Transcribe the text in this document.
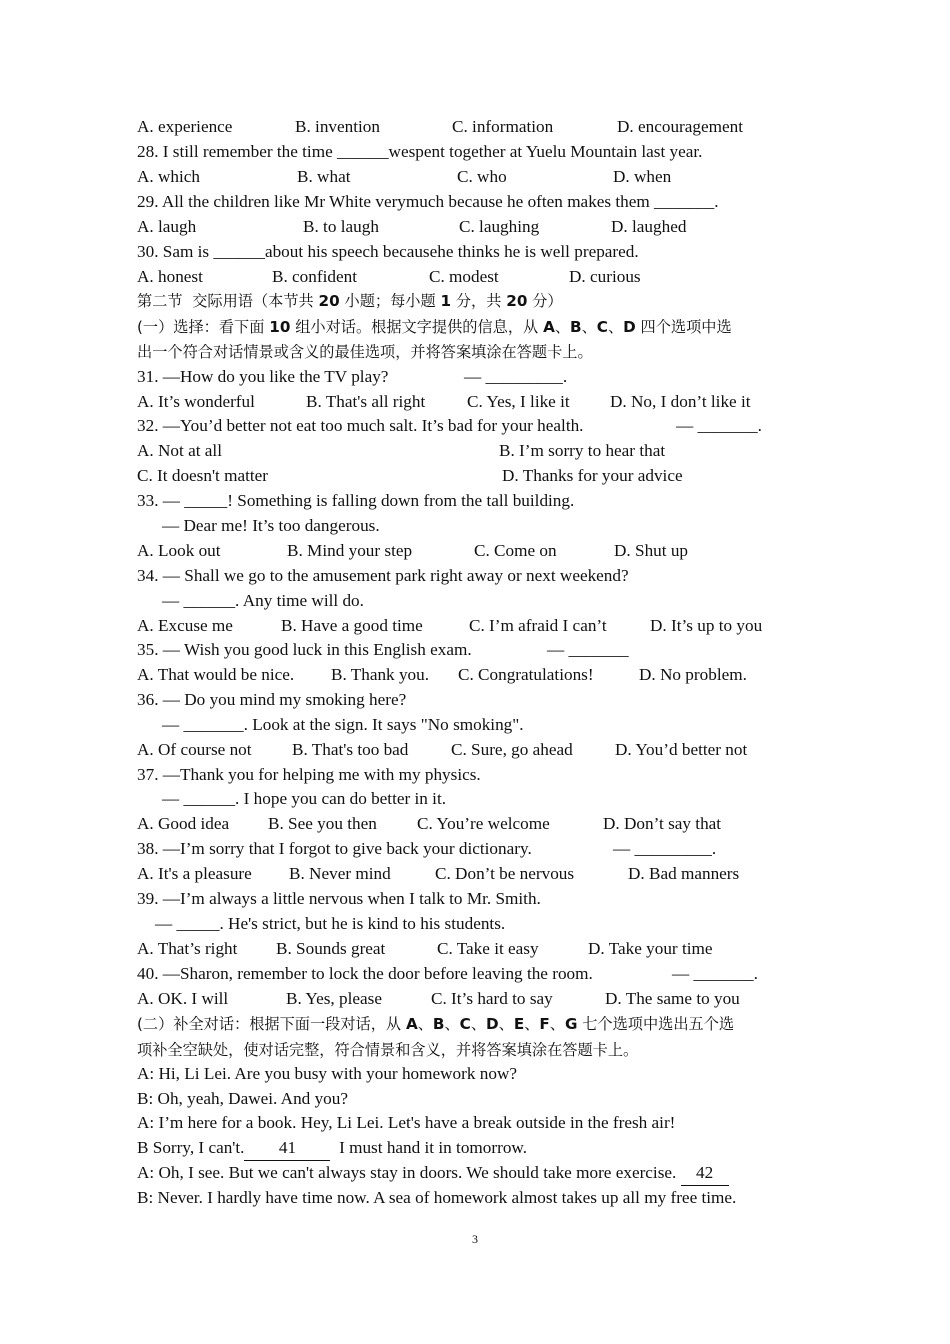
A. experience	B. invention	C. information	D. encouragement
28. I still remember the time ______wespent together at Yuelu Mountain last year.
A. which	B. what	C. who	D. when
29. All the children like Mr White verymuch because he often makes them _______.
A. laugh	B. to laugh	C. laughing	D. laughed
30. Sam is ______about his speech becausehe thinks he is well prepared.
A. honest	B. confident	C. modest	D. curious
第二节  交际用语（本节共 20 小题；每小题 1 分，共 20 分）
(一）选择：看下面 10 组小对话。根据文字提供的信息，从 A、B、C、D 四个选项中选
出一个符合对话情景或含义的最佳选项，并将答案填涂在答题卡上。
31. —How do you like the TV play?	— _________.
A. It’s wonderful	B. That's all right C. Yes, I like it D. No, I don’t like it
32. —You’d better not eat too much salt. It’s bad for your health.	— _______.
A. Not at all	B. I’m sorry to hear that
C. It doesn't matter	D. Thanks for your advice
33. — _____! Something is falling down from the tall building.
— Dear me! It’s too dangerous.
A. Look out	B. Mind your step	C. Come on	D. Shut up
34. — Shall we go to the amusement park right away or next weekend?
— ______. Any time will do.
A. Excuse me	B. Have a good time	C. I’m afraid I can’t	D. It’s up to you
35. — Wish you good luck in this English exam.	— _______
A. That would be nice. B. Thank you. C. Congratulations!	D. No problem.
36. — Do you mind my smoking here?
— _______. Look at the sign. It says "No smoking".
A. Of course not B. That's too bad C. Sure, go ahead D. You’d better not
37. —Thank you for helping me with my physics.
— ______. I hope you can do better in it.
A. Good idea B. See you then C. You’re welcome	D. Don’t say that
38. —I’m sorry that I forgot to give back your dictionary.	— _________.
A. It's a pleasure B. Never mind	C. Don’t be nervous	D. Bad manners
39. —I’m always a little nervous when I talk to Mr. Smith.
— _____. He's strict, but he is kind to his students.
A. That’s right B. Sounds great	C. Take it easy	D. Take your time
40. —Sharon, remember to lock the door before leaving the room.	— _______.
A. OK. I will	B. Yes, please	C. It’s hard to say	D. The same to you
(二）补全对话：根据下面一段对话，从 A、B、C、D、E、F、G 七个选项中选出五个选
项补全空缺处，使对话完整，符合情景和含义，并将答案填涂在答题卡上。
A: Hi, Li Lei. Are you busy with your homework now?
B: Oh, yeah, Dawei. And you?
A: I’m here for a book. Hey, Li Lei. Let's have a break outside in the fresh air!
B Sorry, I can't. 41  I must hand it in tomorrow.
A: Oh, I see. But we can't always stay in doors. We should take more exercise. 42
B: Never. I hardly have time now. A sea of homework almost takes up all my free time.
3
